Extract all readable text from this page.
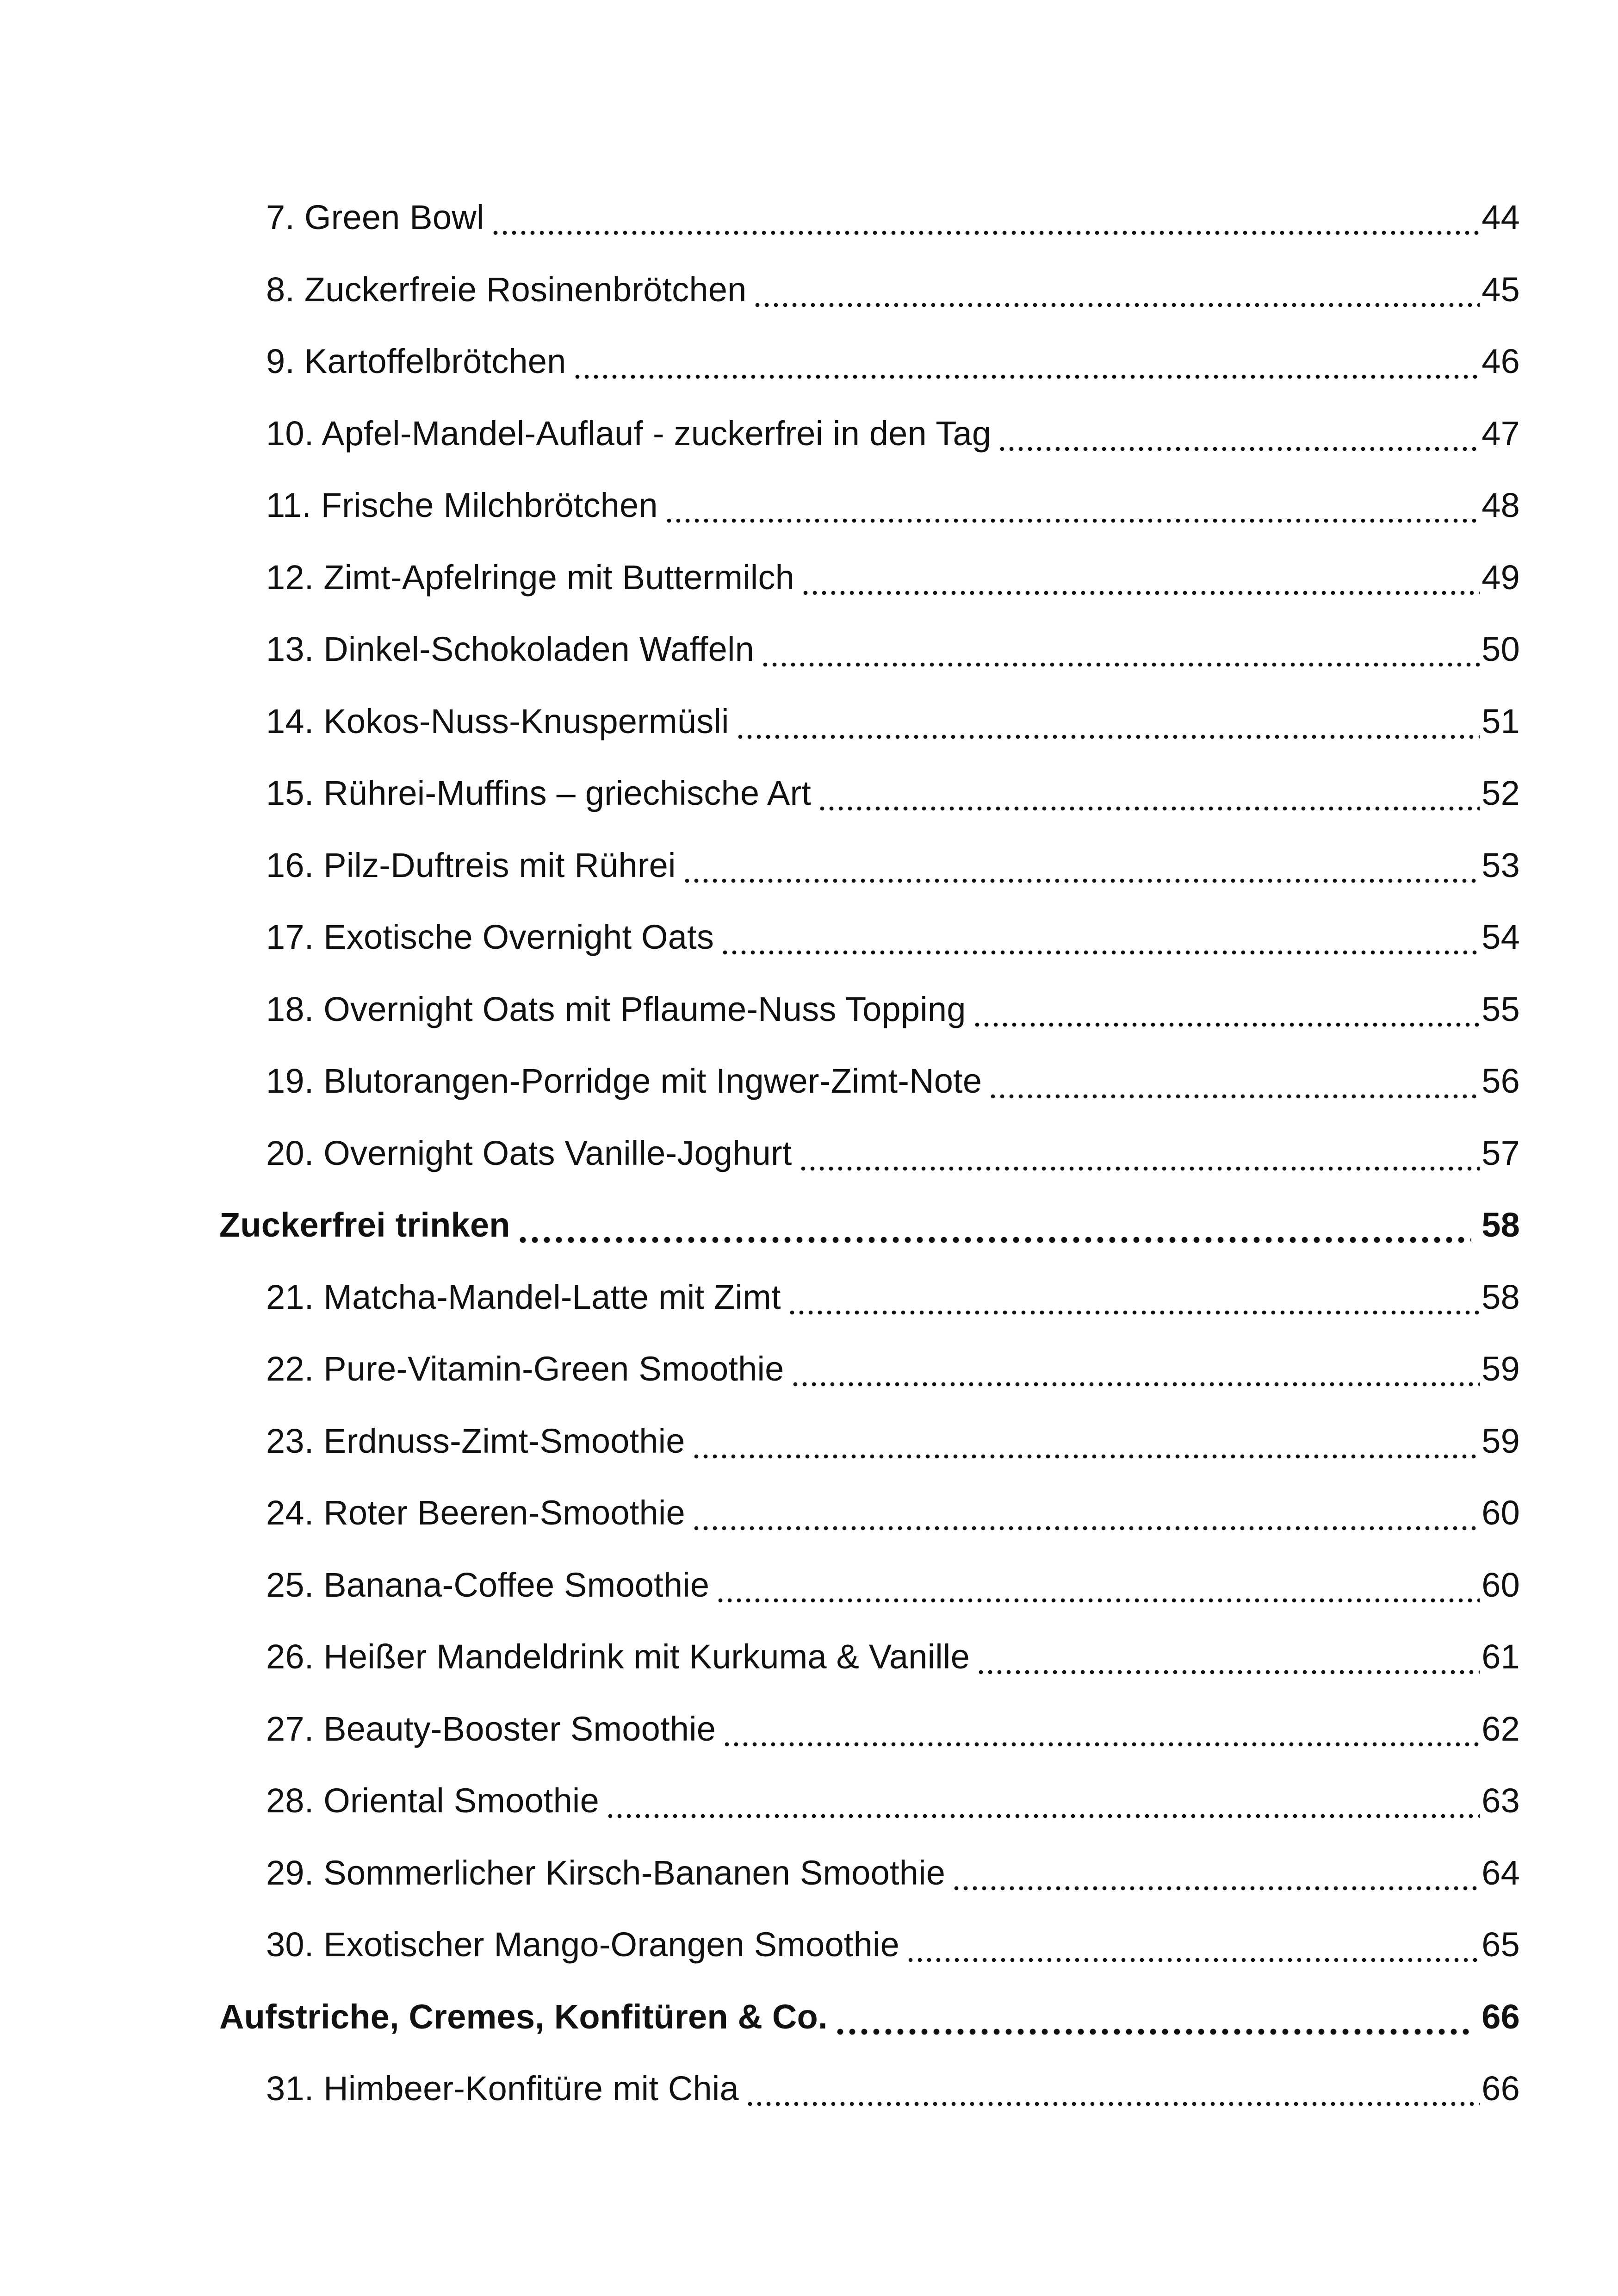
7. Green Bowl	44
8. Zuckerfreie Rosinenbrötchen	45
9. Kartoffelbrötchen	46
10. Apfel-Mandel-Auflauf - zuckerfrei in den Tag	47
11. Frische Milchbrötchen	48
12. Zimt-Apfelringe mit Buttermilch	49
13. Dinkel-Schokoladen Waffeln	50
14. Kokos-Nuss-Knuspermüsli	51
15. Rührei-Muffins – griechische Art	52
16. Pilz-Duftreis mit Rührei	53
17. Exotische Overnight Oats	54
18. Overnight Oats mit Pflaume-Nuss Topping	55
19. Blutorangen-Porridge mit Ingwer-Zimt-Note	56
20. Overnight Oats Vanille-Joghurt	57
Zuckerfrei trinken	58
21. Matcha-Mandel-Latte mit Zimt	58
22. Pure-Vitamin-Green Smoothie	59
23. Erdnuss-Zimt-Smoothie	59
24. Roter Beeren-Smoothie	60
25. Banana-Coffee Smoothie	60
26. Heißer Mandeldrink mit Kurkuma & Vanille	61
27. Beauty-Booster Smoothie	62
28. Oriental Smoothie	63
29. Sommerlicher Kirsch-Bananen Smoothie	64
30. Exotischer Mango-Orangen Smoothie	65
Aufstriche, Cremes, Konfitüren & Co.	66
31. Himbeer-Konfitüre mit Chia	66
